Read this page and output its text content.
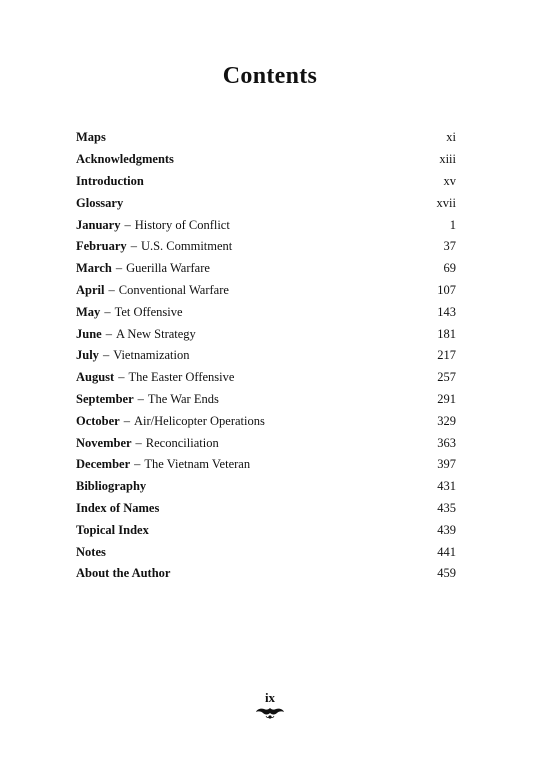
Contents
Maps	xi
Acknowledgments	xiii
Introduction	xv
Glossary	xvii
January – History of Conflict	1
February – U.S. Commitment	37
March – Guerilla Warfare	69
April – Conventional Warfare	107
May – Tet Offensive	143
June – A New Strategy	181
July – Vietnamization	217
August – The Easter Offensive	257
September – The War Ends	291
October – Air/Helicopter Operations	329
November – Reconciliation	363
December – The Vietnam Veteran	397
Bibliography	431
Index of Names	435
Topical Index	439
Notes	441
About the Author	459
ix
